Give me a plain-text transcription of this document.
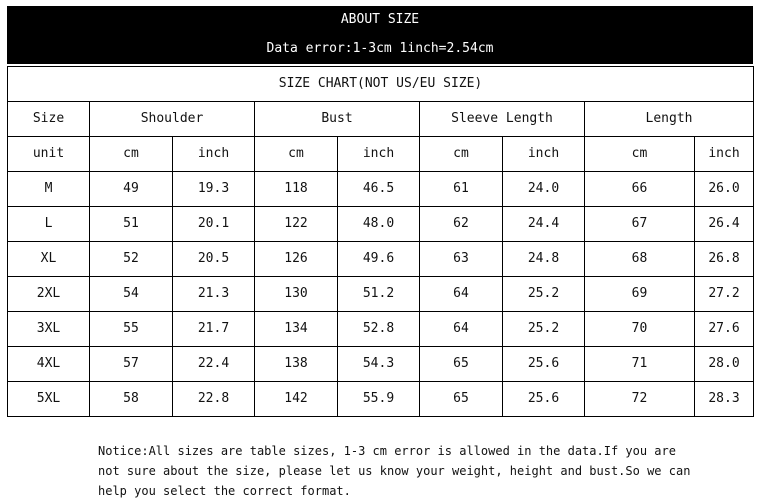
ABOUT SIZE
Data error:1-3cm 1inch=2.54cm
SIZE CHART(NOT US/EU SIZE)								
Size	Shoulder		Bust		Sleeve Length		Length	
unit	cm	inch	cm	inch	cm	inch	cm	inch
M	49	19.3	118	46.5	61	24.0	66	26.0
L	51	20.1	122	48.0	62	24.4	67	26.4
XL	52	20.5	126	49.6	63	24.8	68	26.8
2XL	54	21.3	130	51.2	64	25.2	69	27.2
3XL	55	21.7	134	52.8	64	25.2	70	27.6
4XL	57	22.4	138	54.3	65	25.6	71	28.0
5XL	58	22.8	142	55.9	65	25.6	72	28.3
Notice:All sizes are table sizes, 1-3 cm error is allowed in the data.If you are not sure about the size, please let us know your weight, height and bust.So we can help you select the correct format.
